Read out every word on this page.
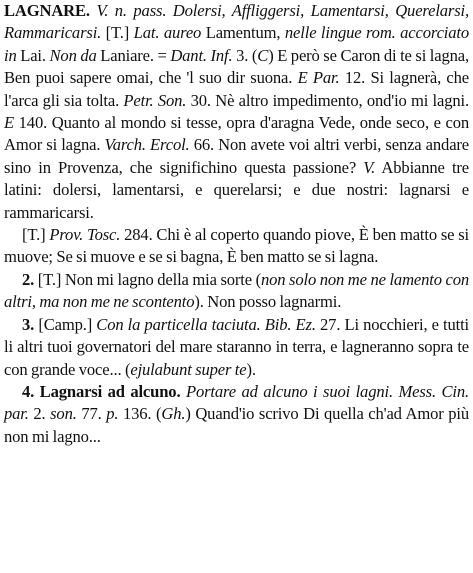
LAGNARE. V. n. pass. Dolersi, Affliggersi, Lamentarsi, Querelarsi, Rammaricarsi. [T.] Lat. aureo Lamentum, nelle lingue rom. accorciato in Lai. Non da Laniare. = Dant. Inf. 3. (C) E però se Caron di te si lagna, Ben puoi sapere omai, che 'l suo dir suona. E Par. 12. Si lagnerà, che l'arca gli sia tolta. Petr. Son. 30. Nè altro impedimento, ond'io mi lagni. E 140. Quanto al mondo si tesse, opra d'aragna Vede, onde seco, e con Amor si lagna. Varch. Ercol. 66. Non avete voi altri verbi, senza andare sino in Provenza, che significhino questa passione? V. Abbianne tre latini: dolersi, lamentarsi, e querelarsi; e due nostri: lagnarsi e rammaricarsi.

[T.] Prov. Tosc. 284. Chi è al coperto quando piove, È ben matto se si muove; Se si muove e se si bagna, È ben matto se si lagna.

2. [T.] Non mi lagno della mia sorte (non solo non me ne lamento con altri, ma non me ne scontento). Non posso lagnarmi.

3. [Camp.] Con la particella taciuta. Bib. Ez. 27. Li nocchieri, e tutti li altri tuoi governatori del mare staranno in terra, e lagneranno sopra te con grande voce... (ejulabunt super te).

4. Lagnarsi ad alcuno. Portare ad alcuno i suoi lagni. Mess. Cin. par. 2. son. 77. p. 136. (Gh.) Quand'io scrivo Di quella ch'ad Amor più non mi lagno...
